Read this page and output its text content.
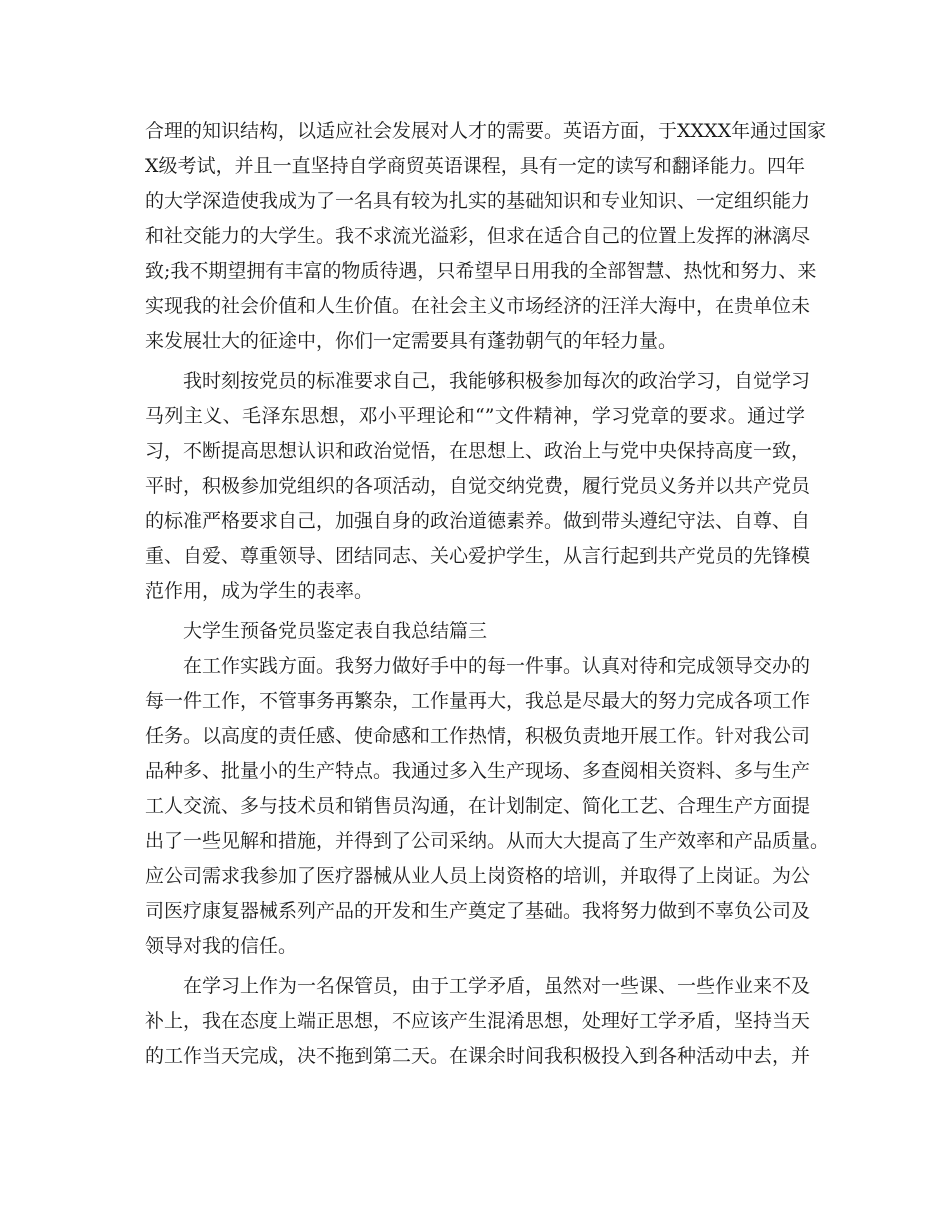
合理的知识结构，以适应社会发展对人才的需要。英语方面，于XXXX年通过国家
X级考试，并且一直坚持自学商贸英语课程，具有一定的读写和翻译能力。四年
的大学深造使我成为了一名具有较为扎实的基础知识和专业知识、一定组织能力
和社交能力的大学生。我不求流光溢彩，但求在适合自己的位置上发挥的淋漓尽
致;我不期望拥有丰富的物质待遇，只希望早日用我的全部智慧、热忱和努力、来
实现我的社会价值和人生价值。在社会主义市场经济的汪洋大海中，在贵单位未
来发展壮大的征途中，你们一定需要具有蓬勃朝气的年轻力量。
我时刻按党员的标准要求自己，我能够积极参加每次的政治学习，自觉学习
马列主义、毛泽东思想，邓小平理论和“”文件精神，学习党章的要求。通过学
习，不断提高思想认识和政治觉悟，在思想上、政治上与党中央保持高度一致，
平时，积极参加党组织的各项活动，自觉交纳党费，履行党员义务并以共产党员
的标准严格要求自己，加强自身的政治道德素养。做到带头遵纪守法、自尊、自
重、自爱、尊重领导、团结同志、关心爱护学生，从言行起到共产党员的先锋模
范作用，成为学生的表率。
大学生预备党员鉴定表自我总结篇三
在工作实践方面。我努力做好手中的每一件事。认真对待和完成领导交办的
每一件工作，不管事务再繁杂，工作量再大，我总是尽最大的努力完成各项工作
任务。以高度的责任感、使命感和工作热情，积极负责地开展工作。针对我公司
品种多、批量小的生产特点。我通过多入生产现场、多查阅相关资料、多与生产
工人交流、多与技术员和销售员沟通，在计划制定、简化工艺、合理生产方面提
出了一些见解和措施，并得到了公司采纳。从而大大提高了生产效率和产品质量。
应公司需求我参加了医疗器械从业人员上岗资格的培训，并取得了上岗证。为公
司医疗康复器械系列产品的开发和生产奠定了基础。我将努力做到不辜负公司及
领导对我的信任。
在学习上作为一名保管员，由于工学矛盾，虽然对一些课、一些作业来不及
补上，我在态度上端正思想，不应该产生混淆思想，处理好工学矛盾，坚持当天
的工作当天完成，决不拖到第二天。在课余时间我积极投入到各种活动中去，并
